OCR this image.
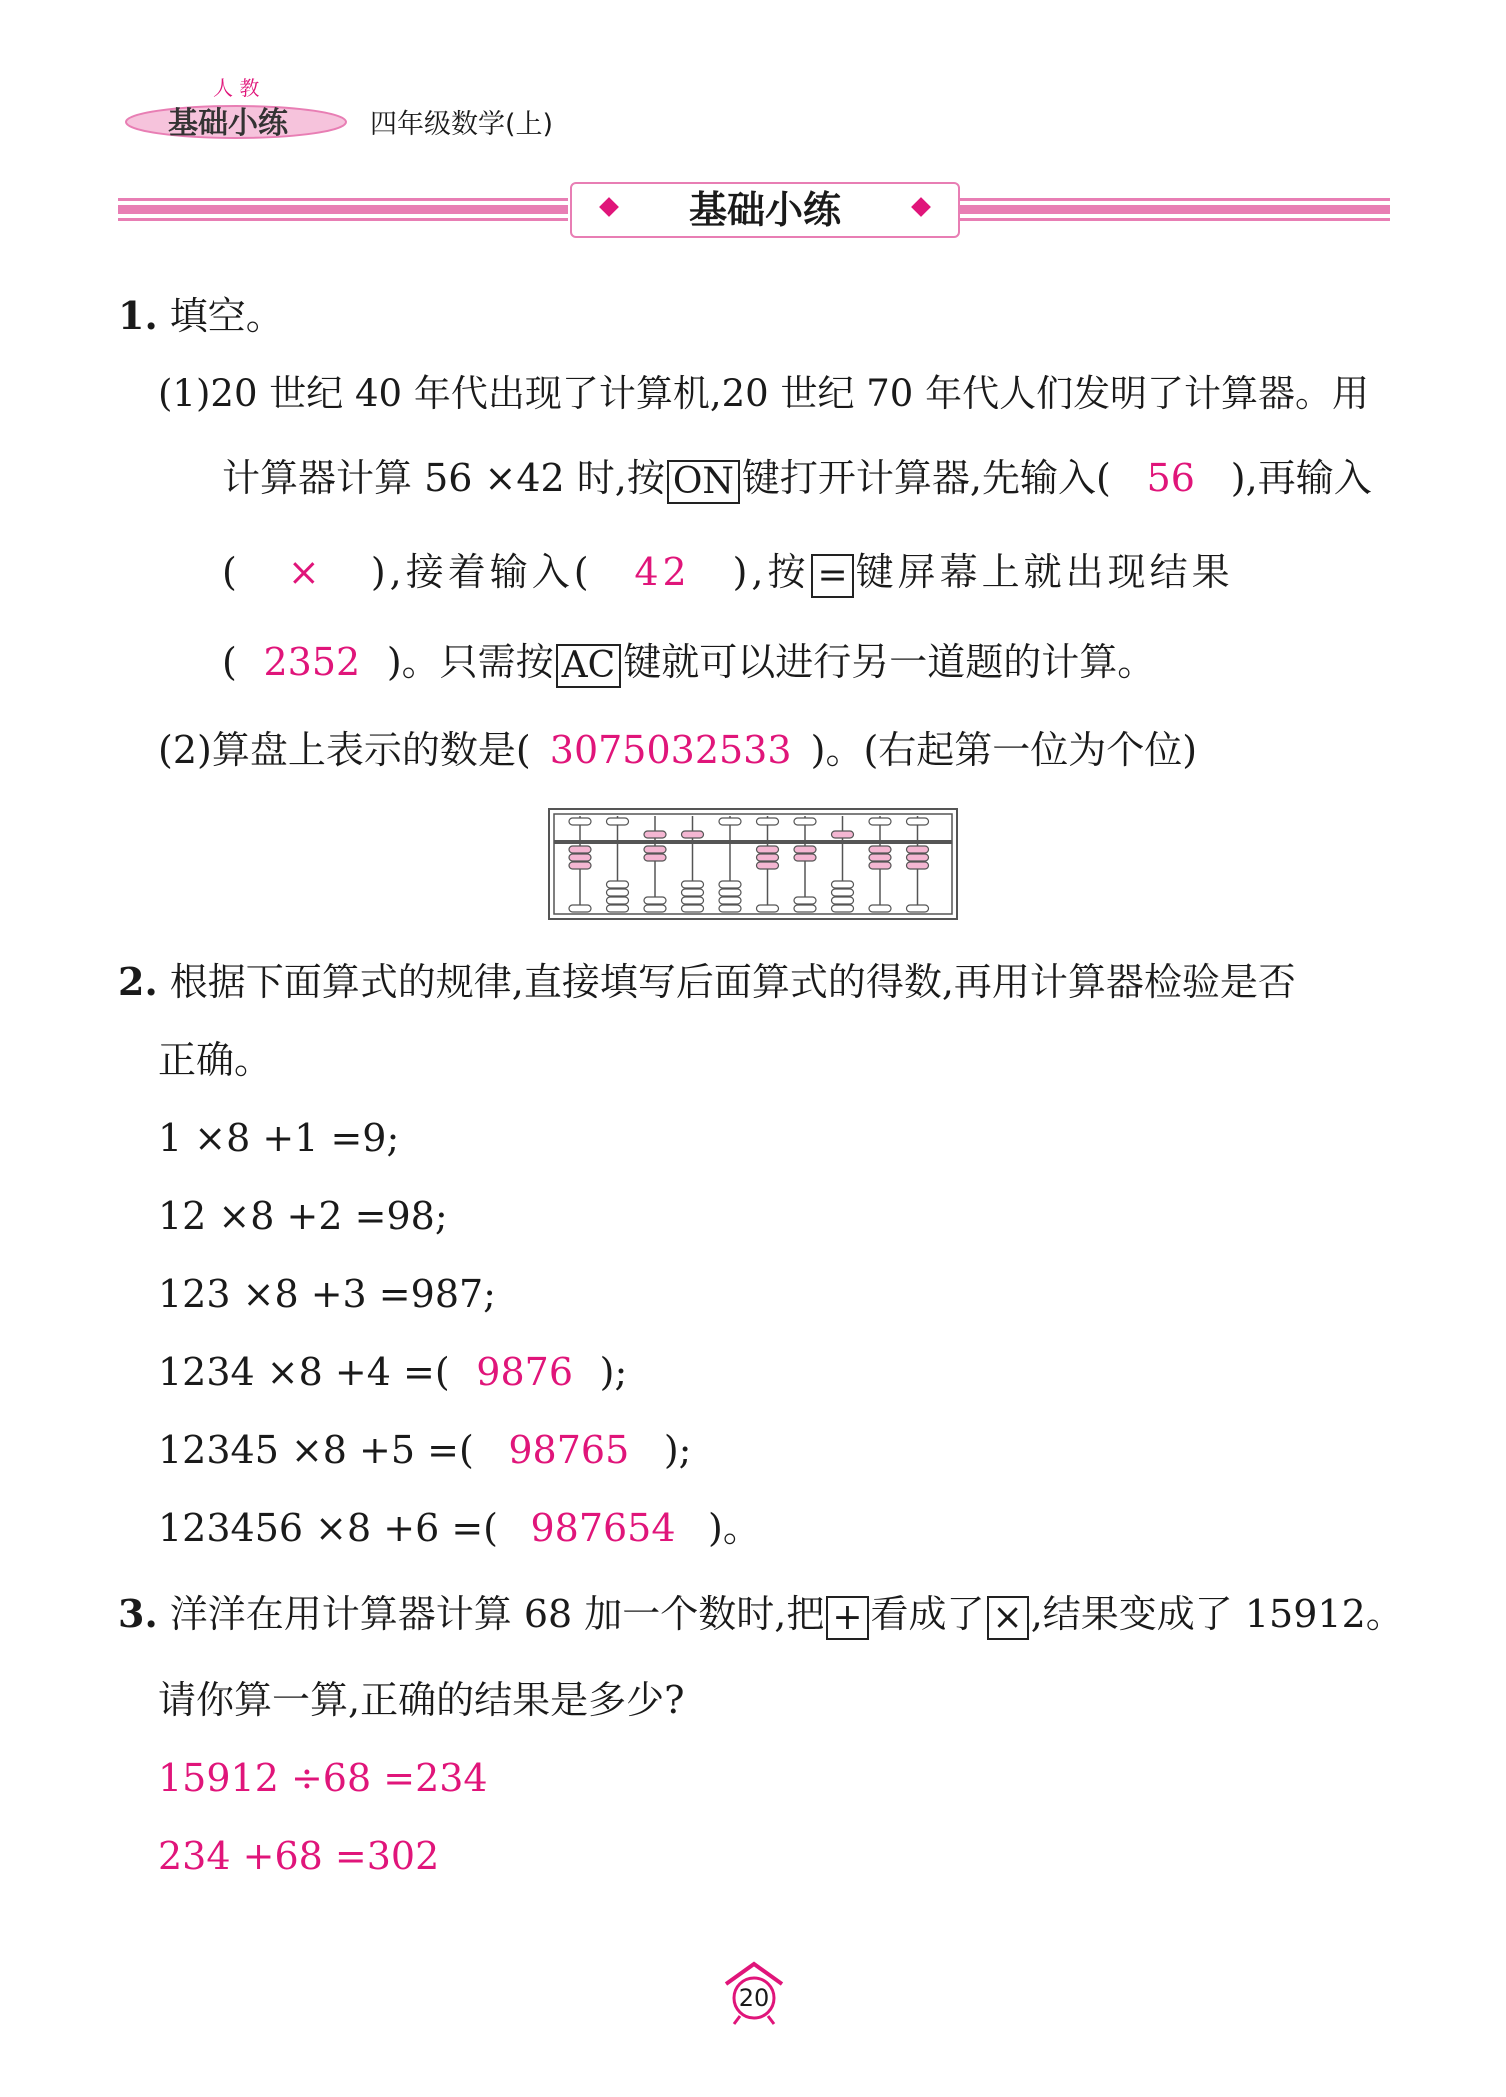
人 教
基础小练	四年级数学(上)
基础小练
1. 填空。
(1)20 世纪 40 年代出现了计算机,20 世纪 70 年代人们发明了计算器。用
计算器计算 56 ×42 时,按 ON 键打开计算器,先输入( 56 ),再输入
( × ),接着输入( 42 ),按 = 键屏幕上就出现结果
( 2352 )。只需按 AC 键就可以进行另一道题的计算。
(2)算盘上表示的数是( 3075032533 )。(右起第一位为个位)
2. 根据下面算式的规律,直接填写后面算式的得数,再用计算器检验是否
正确。
1 ×8 +1 =9;
12 ×8 +2 =98;
123 ×8 +3 =987;
1234 ×8 +4 =( 9876 );
12345 ×8 +5 =( 98765 );
123456 ×8 +6 =( 987654 )。
3. 洋洋在用计算器计算 68 加一个数时,把 + 看成了 × ,结果变成了 15912。
请你算一算,正确的结果是多少?
15912 ÷68 =234
234 +68 =302
20
